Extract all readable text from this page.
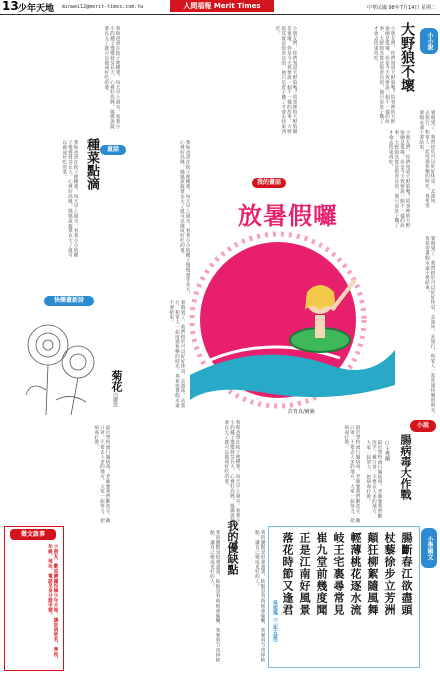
13 少年天地 minwei12@merit-times.com.tw	人間福報 Merit Times	中華民國 98年7月14日 星期二
小小說
大野狼不壞
小朋友們，你們知道大野狼嗎？故事裡的大野狼總是很壞，但是今天我要說一個不一樣的故事，大野狼其實是很善良的，他只是肚子餓了才會去找東西吃。
小朋友們，你們知道大野狼嗎？故事裡的大野狼總是很壞，但是今天我要說一個不一樣的故事，大野狼其實是很善良的，他只是肚子餓了才會去找東西吃。	暑假到了，我們終於可以好好休息，去游泳、去旅行，和家人一起度過快樂的時光，真希望暑假永遠不要結束。
小朋友們，你們知道大野狼嗎？故事裡的大野狼總是很壞，但是今天我要說一個不一樣的故事，大野狼其實是很善良的，他只是肚子餓了才會去找東西吃。
我和爸爸在院子裡種菜，每天早上澆水，看著小小的種子慢慢發芽長大，心裡好高興。媽媽說蔬菜長大了就可以做成好吃的菜。
童話
種菜點滴
我和爸爸在院子裡種菜，每天早上澆水，看著小小的種子慢慢發芽長大，心裡好高興。媽媽說蔬菜長大了就可以做成好吃的菜。	我和爸爸在院子裡種菜，每天早上澆水，看著小小的種子慢慢發芽長大，心裡好高興。媽媽說蔬菜長大了就可以做成好吃的菜。	我的畫話
放暑假囉
許育真/繪圖
暑假到了，我們終於可以好好休息，去游泳、去旅行，和家人一起度過快樂的時光，真希望暑假永遠不要結束。	暑假到了，我們終於可以好好休息，去游泳、去旅行，和家人一起度過快樂的時光，真希望暑假永遠不要結束。
快樂畫新詩
菊花
白麗雲
我和爸爸在院子裡種菜，每天早上澆水，看著小小的種子慢慢發芽長大，心裡好高興。媽媽說蔬菜長大了就可以做成好吃的菜。	最近學校流行腸病毒，老師要我們勤洗手，戴口罩，不要去人多的地方，大家一起努力，把病毒打敗。
最近學校流行腸病毒，老師要我們勤洗手，戴口罩，不要去人多的地方，大家一起努力，把病毒打敗。	小說
腸病毒大作戰
○王秀蘭
最近學校流行腸病毒，老師要我們勤洗手，戴口罩，不要去人多的地方，大家一起努力，把病毒打敗。
徵文啟事
小朋友，歡迎踴躍投稿少年天地，請註明姓名、學校、年級、地址、電話及身分證字號。	我的優點是很會畫畫，缺點是有時候會偷懶，我要努力改掉缺點，讓自己變成更好的人。	我的優缺點	我的優點是很會畫畫，缺點是有時候會偷懶，我要努力改掉缺點，讓自己變成更好的人。	小學國文
腸斷春江欲盡頭
杖藜徐步立芳洲
顛狂柳絮隨風舞
輕薄桃花逐水流
岐王宅裏尋常見
崔九堂前幾度聞
正是江南好風景
落花時節又逢君
吳奕瑤（二年五班）
